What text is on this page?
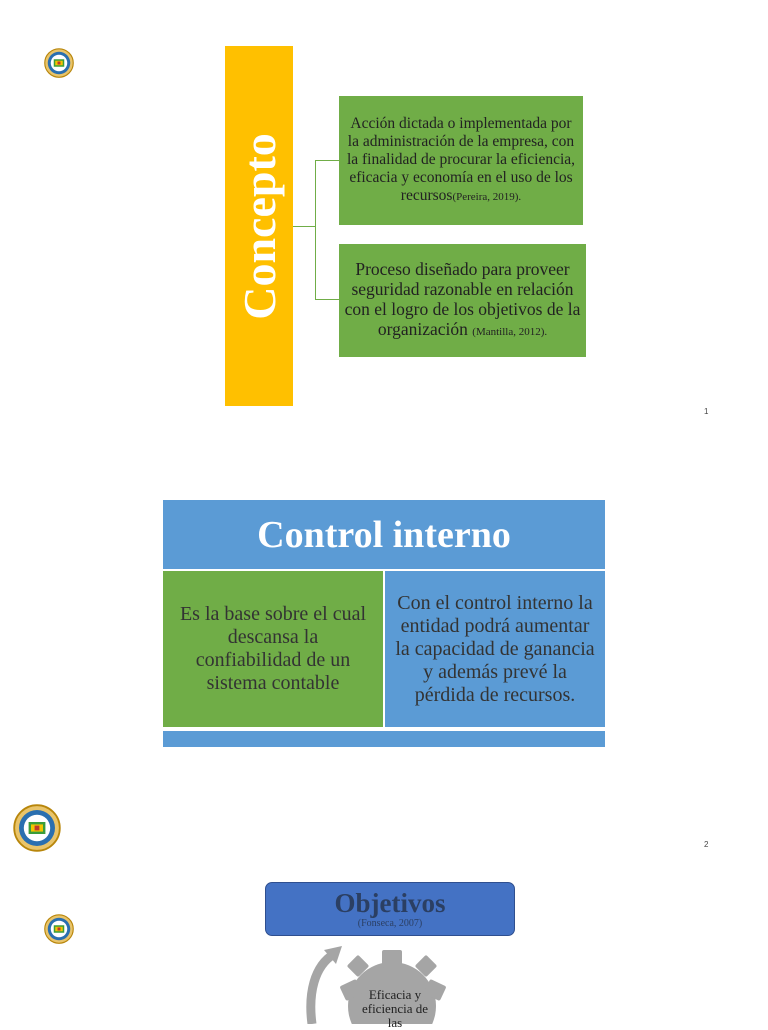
Concepto
Acción dictada o implementada por la administración de la empresa, con la finalidad de procurar la eficiencia, eficacia y economía en el uso de los recursos(Pereira, 2019).
Proceso diseñado para proveer seguridad razonable en relación con el logro de los objetivos de la organización (Mantilla, 2012).
1
Control interno
Es la base sobre el cual descansa la confiabilidad de un sistema contable
Con el control interno la entidad podrá aumentar la capacidad de ganancia y además prevé la pérdida de recursos.
2
Objetivos
(Fonseca, 2007)
Eficacia y
eficiencia de
las
